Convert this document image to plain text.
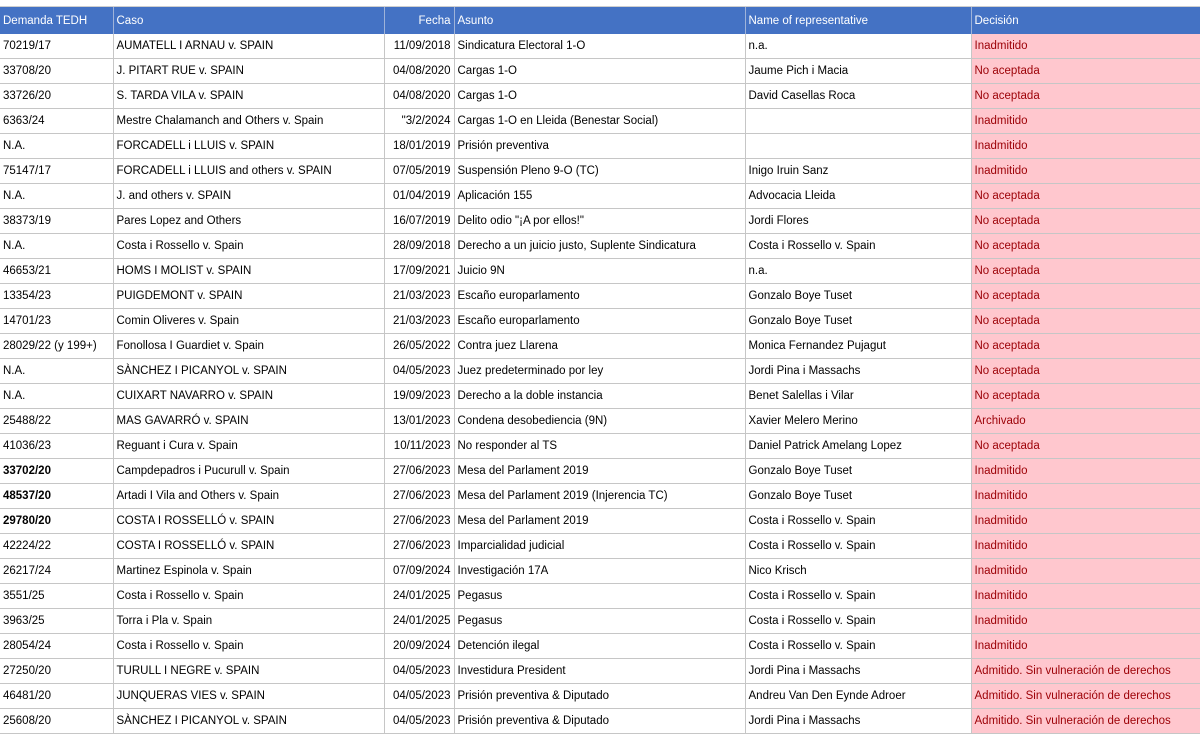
Demanda TEDH	Caso	Fecha	Asunto	Name of representative	Decisión
70219/17	AUMATELL I ARNAU v. SPAIN	11/09/2018	Sindicatura Electoral 1-O	n.a.	Inadmitido
33708/20	J. PITART RUE v. SPAIN	04/08/2020	Cargas 1-O	Jaume Pich i Macia	No aceptada
33726/20	S. TARDA VILA v. SPAIN	04/08/2020	Cargas 1-O	David Casellas Roca	No aceptada
6363/24	Mestre Chalamanch and Others v. Spain	"3/2/2024	Cargas 1-O en Lleida (Benestar Social)		Inadmitido
N.A.	FORCADELL i LLUIS v. SPAIN	18/01/2019	Prisión preventiva		Inadmitido
75147/17	FORCADELL i LLUIS and others v. SPAIN	07/05/2019	Suspensión Pleno 9-O (TC)	Inigo Iruin Sanz	Inadmitido
N.A.	J. and others v. SPAIN	01/04/2019	Aplicación 155	Advocacia Lleida	No aceptada
38373/19	Pares Lopez and Others	16/07/2019	Delito odio "¡A por ellos!"	Jordi Flores	No aceptada
N.A.	Costa i Rossello v. Spain	28/09/2018	Derecho a un juicio justo, Suplente Sindicatura	Costa i Rossello v. Spain	No aceptada
46653/21	HOMS I MOLIST v. SPAIN	17/09/2021	Juicio 9N	n.a.	No aceptada
13354/23	PUIGDEMONT v. SPAIN	21/03/2023	Escaño europarlamento	Gonzalo Boye Tuset	No aceptada
14701/23	Comin Oliveres v. Spain	21/03/2023	Escaño europarlamento	Gonzalo Boye Tuset	No aceptada
28029/22 (y 199+)	Fonollosa I Guardiet v. Spain	26/05/2022	Contra juez Llarena	Monica Fernandez Pujagut	No aceptada
N.A.	SÀNCHEZ I PICANYOL v. SPAIN	04/05/2023	Juez predeterminado por ley	Jordi Pina i Massachs	No aceptada
N.A.	CUIXART NAVARRO v. SPAIN	19/09/2023	Derecho a la doble instancia	Benet Salellas i Vilar	No aceptada
25488/22	MAS GAVARRÓ v. SPAIN	13/01/2023	Condena desobediencia (9N)	Xavier Melero Merino	Archivado
41036/23	Reguant i Cura v. Spain	10/11/2023	No responder al TS	Daniel Patrick Amelang Lopez	No aceptada
33702/20	Campdepadros i Pucurull v. Spain	27/06/2023	Mesa del Parlament 2019	Gonzalo Boye Tuset	Inadmitido
48537/20	Artadi I Vila and Others v. Spain	27/06/2023	Mesa del Parlament 2019 (Injerencia TC)	Gonzalo Boye Tuset	Inadmitido
29780/20	COSTA I ROSSELLÓ v. SPAIN	27/06/2023	Mesa del Parlament 2019	Costa i Rossello v. Spain	Inadmitido
42224/22	COSTA I ROSSELLÓ v. SPAIN	27/06/2023	Imparcialidad judicial	Costa i Rossello v. Spain	Inadmitido
26217/24	Martinez Espinola v. Spain	07/09/2024	Investigación 17A	Nico Krisch	Inadmitido
3551/25	Costa i Rossello v. Spain	24/01/2025	Pegasus	Costa i Rossello v. Spain	Inadmitido
3963/25	Torra i Pla v. Spain	24/01/2025	Pegasus	Costa i Rossello v. Spain	Inadmitido
28054/24	Costa i Rossello v. Spain	20/09/2024	Detención ilegal	Costa i Rossello v. Spain	Inadmitido
27250/20	TURULL I NEGRE v. SPAIN	04/05/2023	Investidura President	Jordi Pina i Massachs	Admitido. Sin vulneración de derechos
46481/20	JUNQUERAS VIES v. SPAIN	04/05/2023	Prisión preventiva & Diputado	Andreu Van Den Eynde Adroer	Admitido. Sin vulneración de derechos
25608/20	SÀNCHEZ I PICANYOL v. SPAIN	04/05/2023	Prisión preventiva & Diputado	Jordi Pina i Massachs	Admitido. Sin vulneración de derechos
